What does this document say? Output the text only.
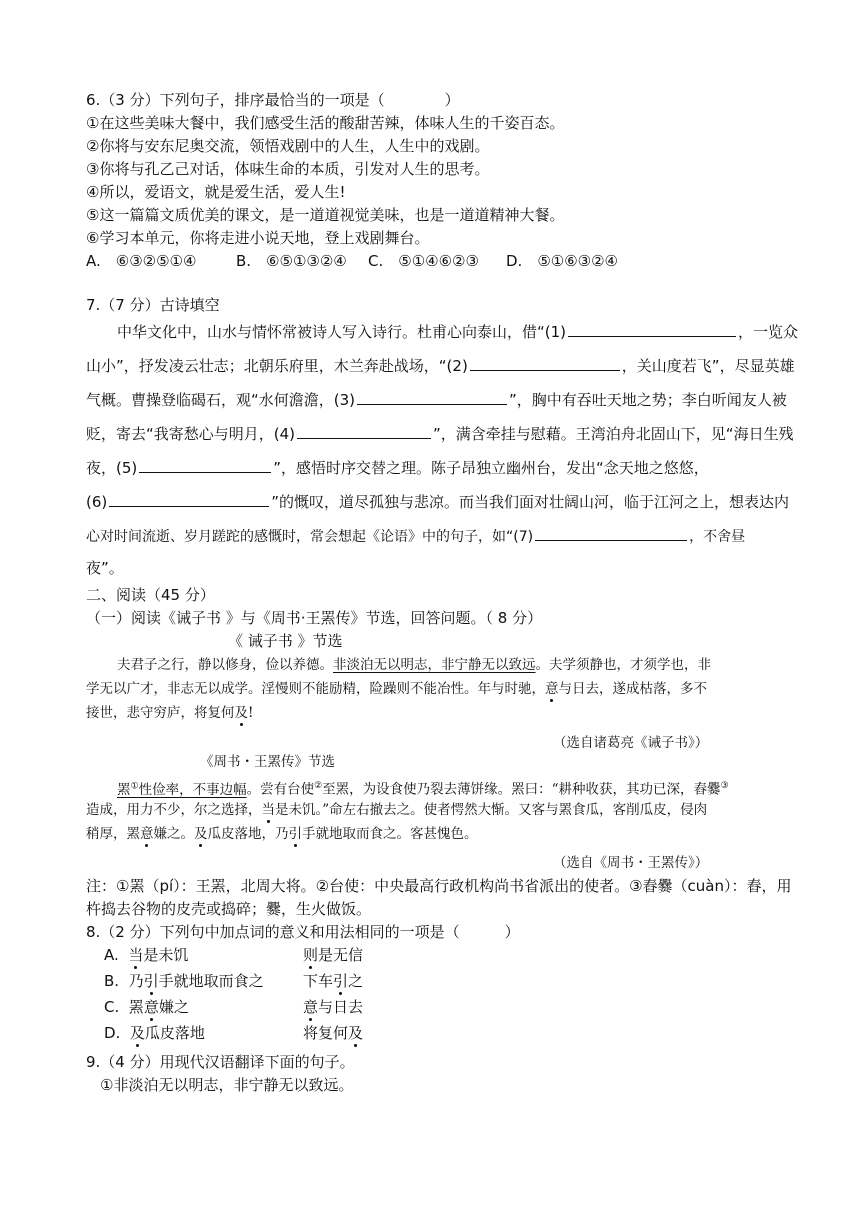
6.（3 分）下列句子，排序最恰当的一项是（　　　　）
①在这些美味大餐中，我们感受生活的酸甜苦辣，体味人生的千姿百态。
②你将与安东尼奥交流，领悟戏剧中的人生，人生中的戏剧。
③你将与孔乙己对话，体味生命的本质，引发对人生的思考。
④所以，爱语文，就是爱生活，爱人生!
⑤这一篇篇文质优美的课文，是一道道视觉美味，也是一道道精神大餐。
⑥学习本单元，你将走进小说天地，登上戏剧舞台。
A.　⑥③②⑤①④	B.　⑥⑤①③②④ C.　⑤①④⑥②③ D.　⑤①⑥③②④
7.（7 分）古诗填空
中华文化中，山水与情怀常被诗人写入诗行。杜甫心向泰山，借“(1)	，一览众
山小”，抒发凌云壮志；北朝乐府里，木兰奔赴战场，“(2)	，关山度若飞”，尽显英雄
气概。曹操登临碣石，观“水何澹澹，(3)	”，胸中有吞吐天地之势；李白听闻友人被
贬，寄去“我寄愁心与明月，(4)	”，满含牵挂与慰藉。王湾泊舟北固山下，见“海日生残
夜，(5)	”，感悟时序交替之理。陈子昂独立幽州台，发出“念天地之悠悠，
(6)	”的慨叹，道尽孤独与悲凉。而当我们面对壮阔山河，临于江河之上，想表达内
心对时间流逝、岁月蹉跎的感慨时，常会想起《论语》中的句子，如“(7)	，不舍昼
夜”。
二、阅读（45 分）
（一）阅读《诫子书 》与《周书·王罴传》节选，回答问题。（ 8 分）
《 诫子书 》节选
夫君子之行，静以修身，俭以养德。非淡泊无以明志，非宁静无以致远。夫学须静也，才须学也，非
学无以广才，非志无以成学。淫慢则不能励精，险躁则不能冶性。年与时驰，意与日去，遂成枯落，多不
接世，悲守穷庐，将复何及!
（选自诸葛亮《诫子书》）
《周书・王罴传》节选
罴①性俭率，不事边幅。尝有台使②至罴，为设食使乃裂去薄饼缘。罴曰：“耕种收获，其功已深，舂爨③
造成，用力不少，尔之选择，当是未饥。”命左右撤去之。使者愕然大惭。又客与罴食瓜，客削瓜皮，侵肉
稍厚，罴意嫌之。及瓜皮落地，乃引手就地取而食之。客甚愧色。
（选自《周书・王罴传》）
注：①罴（pí）：王罴，北周大将。②台使：中央最高行政机构尚书省派出的使者。③舂爨（cuàn）：舂，用
杵捣去谷物的皮壳或捣碎；爨，生火做饭。
8.（2 分）下列句中加点词的意义和用法相同的一项是（　　　）
A. 当是未饥	则是无信
B. 乃引手就地取而食之	下车引之
C. 罴意嫌之	意与日去
D. 及瓜皮落地	将复何及
9.（4 分）用现代汉语翻译下面的句子。
①非淡泊无以明志，非宁静无以致远。
